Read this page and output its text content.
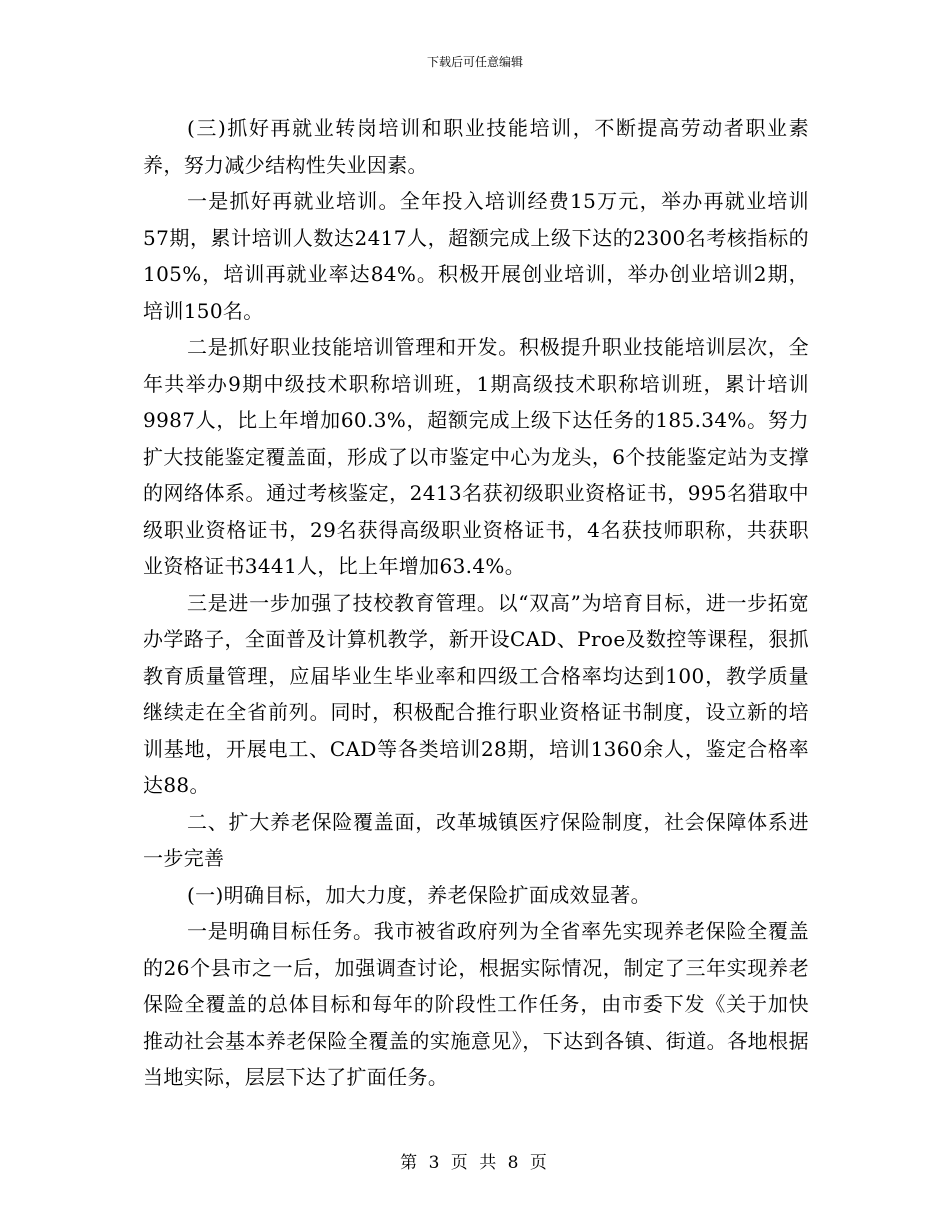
下载后可任意编辑

(三)抓好再就业转岗培训和职业技能培训，不断提高劳动者职业素养，努力减少结构性失业因素。

一是抓好再就业培训。全年投入培训经费15万元，举办再就业培训57期，累计培训人数达2417人，超额完成上级下达的2300名考核指标的105%，培训再就业率达84%。积极开展创业培训，举办创业培训2期，培训150名。

二是抓好职业技能培训管理和开发。积极提升职业技能培训层次，全年共举办9期中级技术职称培训班，1期高级技术职称培训班，累计培训9987人，比上年增加60.3%，超额完成上级下达任务的185.34%。努力扩大技能鉴定覆盖面，形成了以市鉴定中心为龙头，6个技能鉴定站为支撑的网络体系。通过考核鉴定，2413名获初级职业资格证书，995名猎取中级职业资格证书，29名获得高级职业资格证书，4名获技师职称，共获职业资格证书3441人，比上年增加63.4%。

三是进一步加强了技校教育管理。以“双高”为培育目标，进一步拓宽办学路子，全面普及计算机教学，新开设CAD、Proe及数控等课程，狠抓教育质量管理，应届毕业生毕业率和四级工合格率均达到100，教学质量继续走在全省前列。同时，积极配合推行职业资格证书制度，设立新的培训基地，开展电工、CAD等各类培训28期，培训1360余人，鉴定合格率达88。

二、扩大养老保险覆盖面，改革城镇医疗保险制度，社会保障体系进一步完善

(一)明确目标，加大力度，养老保险扩面成效显著。

一是明确目标任务。我市被省政府列为全省率先实现养老保险全覆盖的26个县市之一后，加强调查讨论，根据实际情况，制定了三年实现养老保险全覆盖的总体目标和每年的阶段性工作任务，由市委下发《关于加快推动社会基本养老保险全覆盖的实施意见》，下达到各镇、街道。各地根据当地实际，层层下达了扩面任务。

第 3 页 共 8 页
